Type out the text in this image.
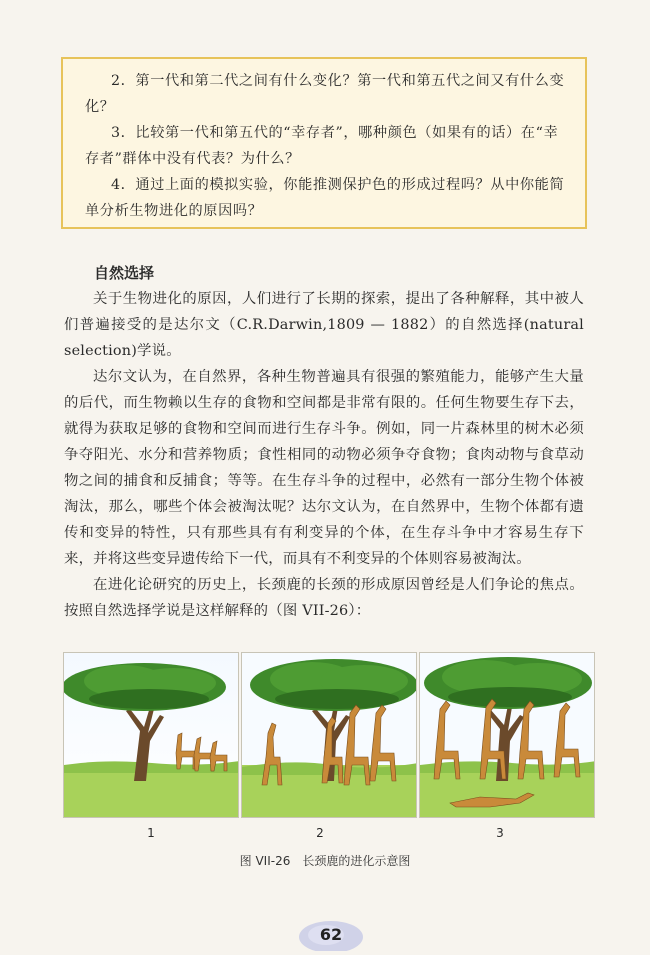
2．第一代和第二代之间有什么变化？第一代和第五代之间又有什么变化？

3．比较第一代和第五代的“幸存者”，哪种颜色（如果有的话）在“幸存者”群体中没有代表？为什么？

4．通过上面的模拟实验，你能推测保护色的形成过程吗？从中你能简单分析生物进化的原因吗？

自然选择

关于生物进化的原因，人们进行了长期的探索，提出了各种解释，其中被人们普遍接受的是达尔文（C.R.Darwin,1809 — 1882）的自然选择(natural selection)学说。

达尔文认为，在自然界，各种生物普遍具有很强的繁殖能力，能够产生大量的后代，而生物赖以生存的食物和空间都是非常有限的。任何生物要生存下去，就得为获取足够的食物和空间而进行生存斗争。例如，同一片森林里的树木必须争夺阳光、水分和营养物质；食性相同的动物必须争夺食物；食肉动物与食草动物之间的捕食和反捕食；等等。在生存斗争的过程中，必然有一部分生物个体被淘汰，那么，哪些个体会被淘汰呢？达尔文认为，在自然界中，生物个体都有遗传和变异的特性，只有那些具有有利变异的个体，在生存斗争中才容易生存下来，并将这些变异遗传给下一代，而具有不利变异的个体则容易被淘汰。

在进化论研究的历史上，长颈鹿的长颈的形成原因曾经是人们争论的焦点。按照自然选择学说是这样解释的（图 VII-26）：

1	2	3
图 VII-26　长颈鹿的进化示意图
62
